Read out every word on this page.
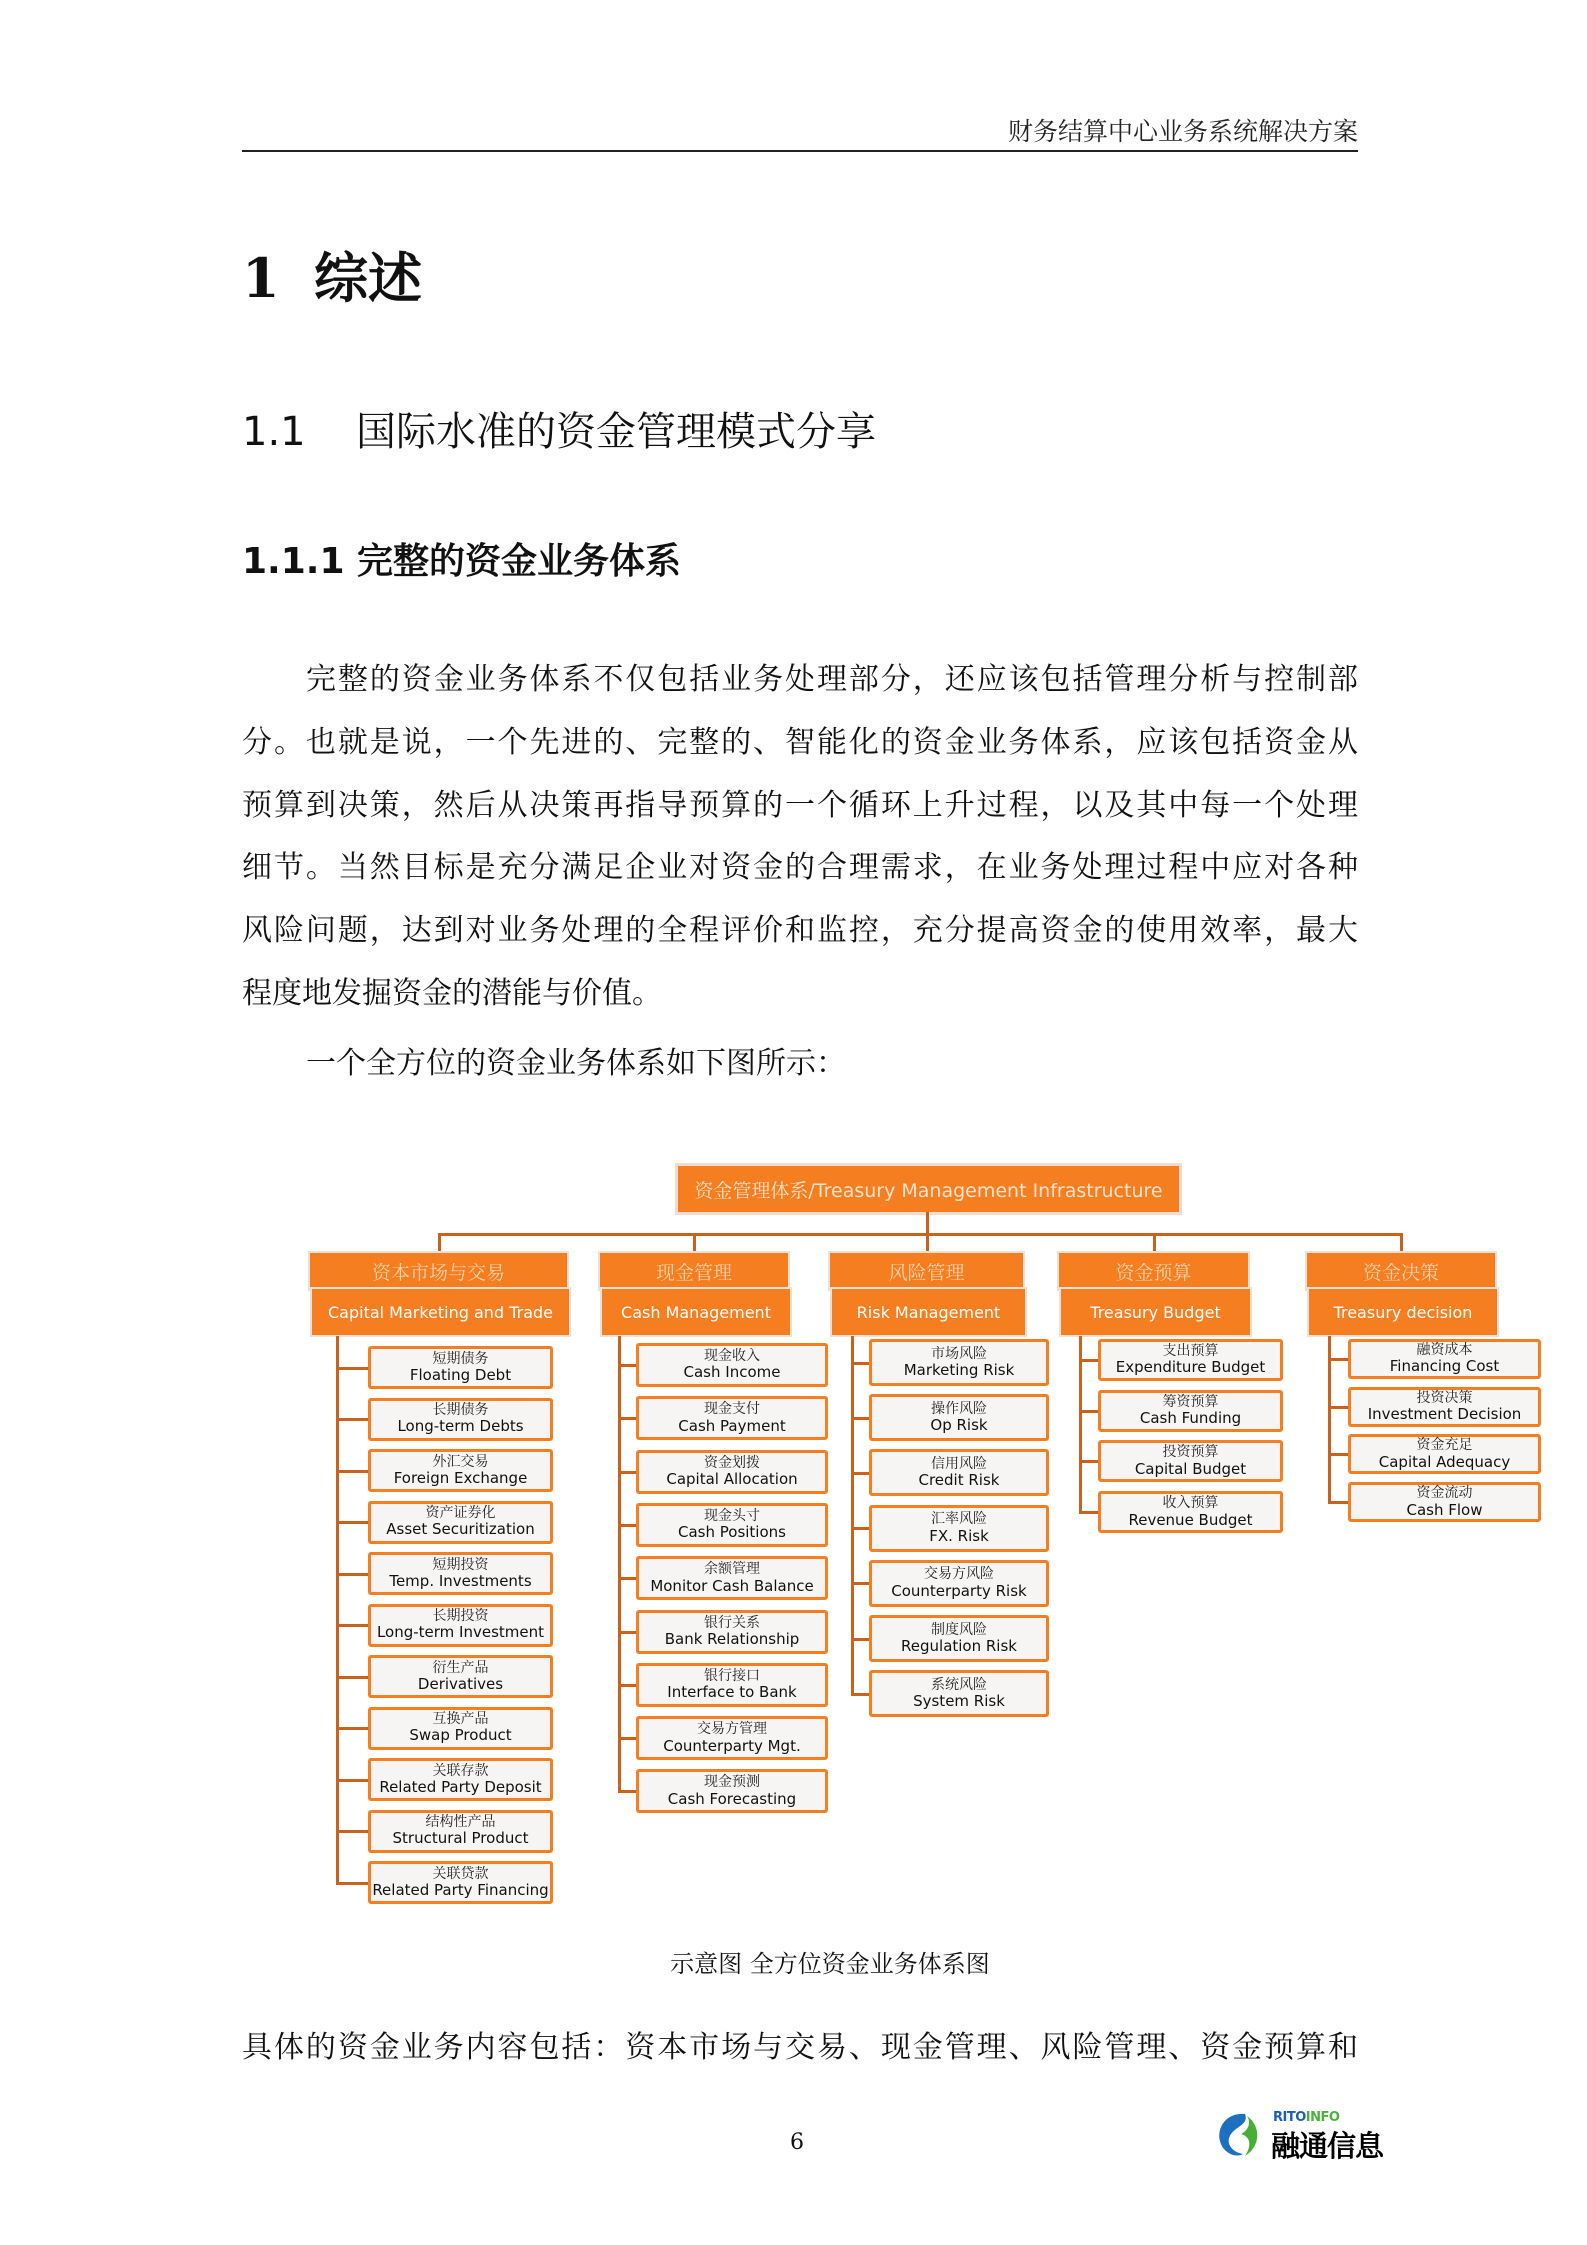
财务结算中心业务系统解决方案
1 综述
1.1 国际水准的资金管理模式分享
1.1.1 完整的资金业务体系
完整的资金业务体系不仅包括业务处理部分，还应该包括管理分析与控制部
分。也就是说，一个先进的、完整的、智能化的资金业务体系，应该包括资金从
预算到决策，然后从决策再指导预算的一个循环上升过程，以及其中每一个处理
细节。当然目标是充分满足企业对资金的合理需求，在业务处理过程中应对各种
风险问题，达到对业务处理的全程评价和监控，充分提高资金的使用效率，最大
程度地发掘资金的潜能与价值。
一个全方位的资金业务体系如下图所示：
资金管理体系/Treasury Management Infrastructure
资本市场与交易
Capital Marketing and Trade
短期债务
Floating Debt
长期债务
Long-term Debts
外汇交易
Foreign Exchange
资产证券化
Asset Securitization
短期投资
Temp. Investments
长期投资
Long-term Investment
衍生产品
Derivatives
互换产品
Swap Product
关联存款
Related Party Deposit
结构性产品
Structural Product
关联贷款
Related Party Financing
现金管理
Cash Management
现金收入
Cash Income
现金支付
Cash Payment
资金划拨
Capital Allocation
现金头寸
Cash Positions
余额管理
Monitor Cash Balance
银行关系
Bank Relationship
银行接口
Interface to Bank
交易方管理
Counterparty Mgt.
现金预测
Cash Forecasting
风险管理
Risk Management
市场风险
Marketing Risk
操作风险
Op Risk
信用风险
Credit Risk
汇率风险
FX. Risk
交易方风险
Counterparty Risk
制度风险
Regulation Risk
系统风险
System Risk
资金预算
Treasury Budget
支出预算
Expenditure Budget
筹资预算
Cash Funding
投资预算
Capital Budget
收入预算
Revenue Budget
资金决策
Treasury decision
融资成本
Financing Cost
投资决策
Investment Decision
资金充足
Capital Adequacy
资金流动
Cash Flow
示意图 全方位资金业务体系图
具体的资金业务内容包括：资本市场与交易、现金管理、风险管理、资金预算和
6
RITOINFO
融通信息
